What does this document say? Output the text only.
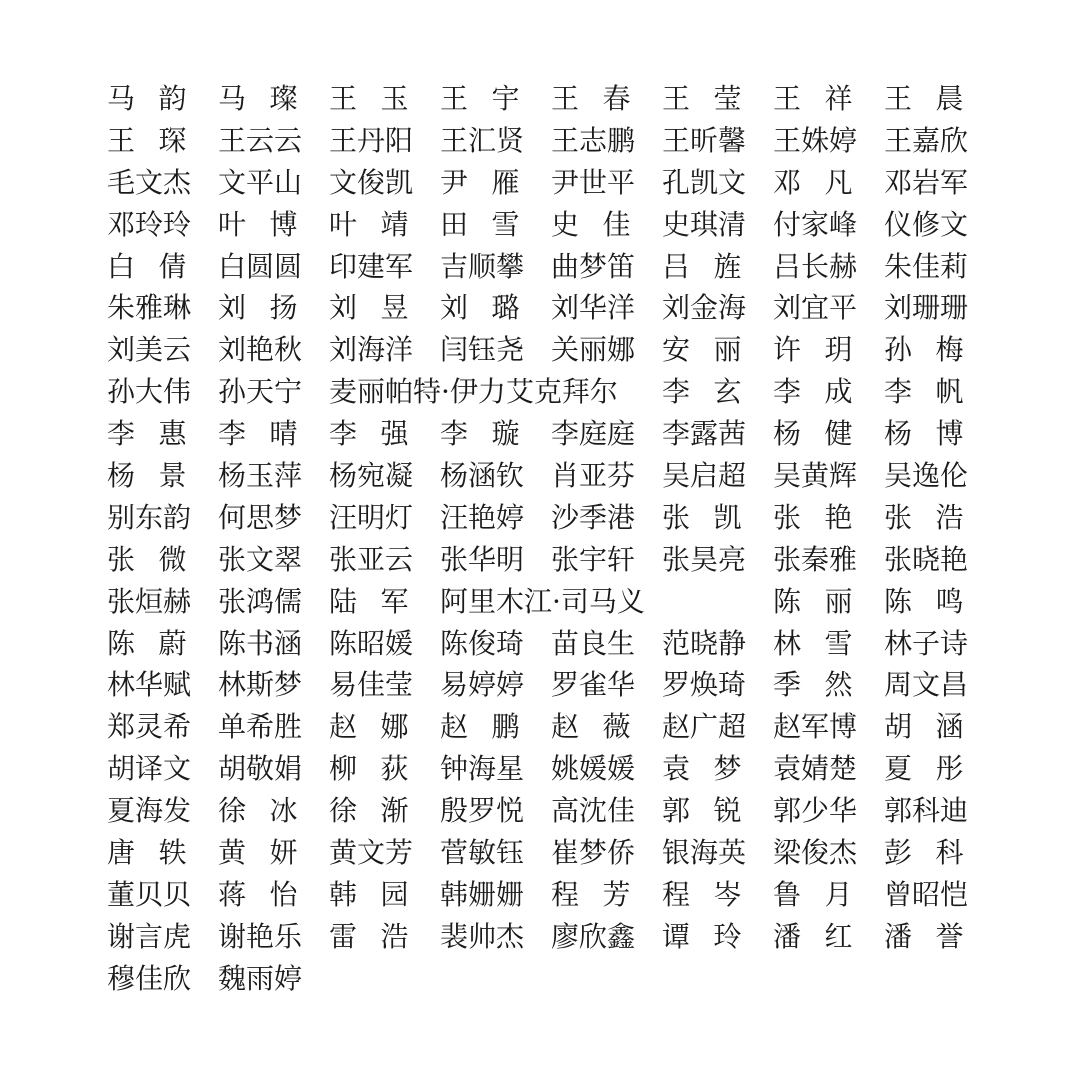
马韵 马璨 王玉 王宇 王春 王莹 王祥 王晨
王琛 王云云 王丹阳 王汇贤 王志鹏 王昕馨 王姝婷 王嘉欣
毛文杰 文平山 文俊凯 尹雁 尹世平 孔凯文 邓凡 邓岩军
邓玲玲 叶博 叶靖 田雪 史佳 史琪清 付家峰 仪修文
白倩 白圆圆 印建军 吉顺攀 曲梦笛 吕旌 吕长赫 朱佳莉
朱雅琳 刘扬 刘昱 刘璐 刘华洋 刘金海 刘宜平 刘珊珊
刘美云 刘艳秋 刘海洋 闫钰尧 关丽娜 安丽 许玥 孙梅
孙大伟 孙天宁 麦丽帕特·伊力艾克拜尔	李玄 李成 李帆
李惠 李晴 李强 李璇 李庭庭 李露茜 杨健 杨博
杨景 杨玉萍 杨宛凝 杨涵钦 肖亚芬 吴启超 吴黄辉 吴逸伦
别东韵 何思梦 汪明灯 汪艳婷 沙季港 张凯 张艳 张浩
张微 张文翠 张亚云 张华明 张宇轩 张昊亮 张秦雅 张晓艳
张烜赫 张鸿儒 陆军 阿里木江·司马义	陈丽 陈鸣
陈蔚 陈书涵 陈昭媛 陈俊琦 苗良生 范晓静 林雪 林子诗
林华赋 林斯梦 易佳莹 易婷婷 罗雀华 罗焕琦 季然 周文昌
郑灵希 单希胜 赵娜 赵鹏 赵薇 赵广超 赵军博 胡涵
胡译文 胡敬娟 柳荻 钟海星 姚媛媛 袁梦 袁婧楚 夏彤
夏海发 徐冰 徐渐 殷罗悦 高沈佳 郭锐 郭少华 郭科迪
唐轶 黄妍 黄文芳 菅敏钰 崔梦侨 银海英 梁俊杰 彭科
董贝贝 蒋怡 韩园 韩姗姗 程芳 程岑 鲁月 曾昭恺
谢言虎 谢艳乐 雷浩 裴帅杰 廖欣鑫 谭玲 潘红 潘誉
穆佳欣 魏雨婷
